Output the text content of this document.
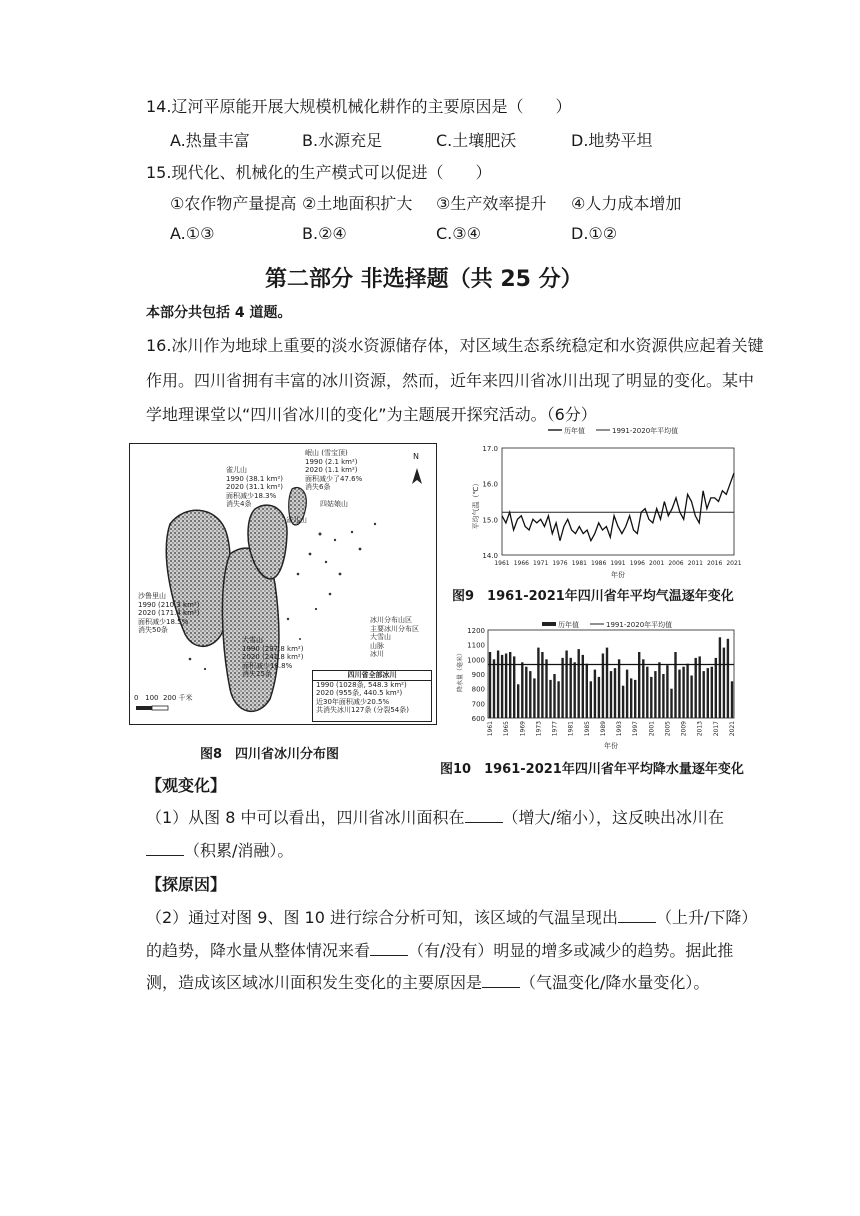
14.辽河平原能开展大规模机械化耕作的主要原因是（　　）
A.热量丰富	B.水源充足	C.土壤肥沃	D.地势平坦
15.现代化、机械化的生产模式可以促进（　　）
①农作物产量提高 ②土地面积扩大 ③生产效率提升 ④人力成本增加
A.①③	B.②④	C.③④	D.①②
第二部分 非选择题（共 25 分）
本部分共包括 4 道题。
16.冰川作为地球上重要的淡水资源储存体，对区域生态系统稳定和水资源供应起着关键
作用。四川省拥有丰富的冰川资源，然而，近年来四川省冰川出现了明显的变化。某中
学地理课堂以“四川省冰川的变化”为主题展开探究活动。（6分）
N
雀儿山
1990 (38.1 km²)
2020 (31.1 km²)
面积减少18.3%
消失4条
岷山 (雪宝顶)
1990 (2.1 km²)
2020 (1.1 km²)
面积减少了47.6%
消失6条
沙鲁里山
1990 (210.3 km²)
2020 (171.4 km²)
面积减少18.5%
消失50条
大雪山
1990 (297.8 km²)
2020 (241.8 km²)
面积减少18.8%
消失25条
雀儿山
四姑娘山
冰川分布山区
主要冰川分布区
大雪山
山脉
冰川
四川省全部冰川
1990 (1028条, 548.3 km²)
2020 (955条, 440.5 km²)
近30年面积减少20.5%
共消失冰川127条 (分裂54条)
0   100  200 千米
图8　四川省冰川分布图
历年值	1991-2020年平均值
17.0
16.0
15.0
14.0
平均气温（℃）
1961 1966 1971 1976 1981 1986 1991 1996 2001 2006 2011 2016 2021
年份
图9　1961-2021年四川省年平均气温逐年变化
历年值	1991-2020年平均值
1200
1100
1000
900
800
700
600
降水量（毫米）
1961 1965 1969 1973 1977 1981 1985 1989 1993 1997 2001 2005 2009 2013 2017 2021
年份
图10　1961-2021年四川省年平均降水量逐年变化
【观变化】
（1）从图 8 中可以看出，四川省冰川面积在 （增大/缩小），这反映出冰川在
（积累/消融）。
【探原因】
（2）通过对图 9、图 10 进行综合分析可知，该区域的气温呈现出 （上升/下降）
的趋势，降水量从整体情况来看 （有/没有）明显的增多或减少的趋势。据此推
测，造成该区域冰川面积发生变化的主要原因是 （气温变化/降水量变化）。
